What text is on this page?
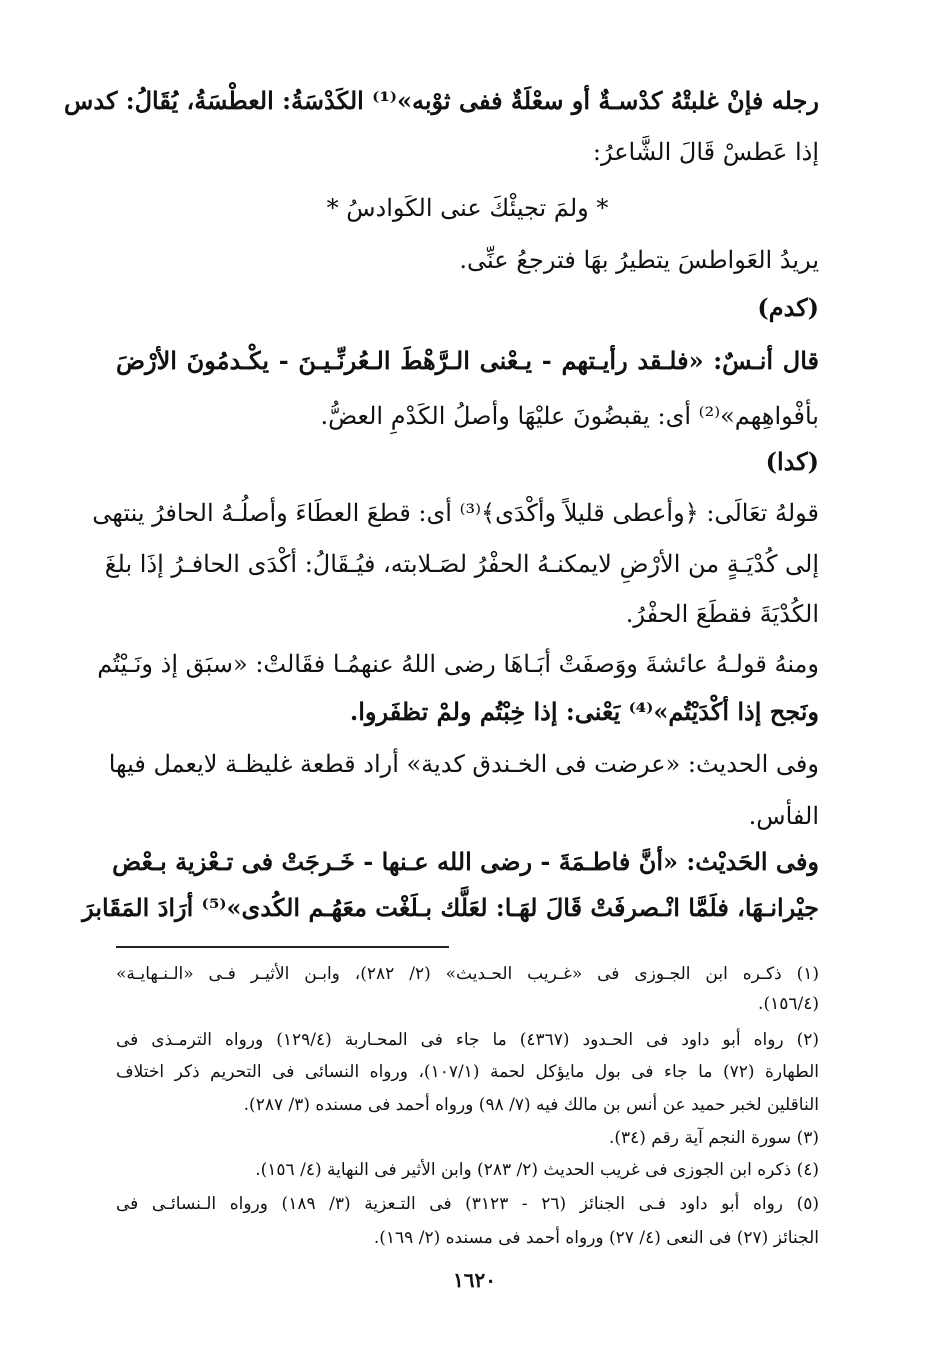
رجله فإنْ غلبتْهُ كدْسـةٌ أو سعْلَةٌ ففى ثوْبه»⁽¹⁾ الكَدْسَةُ: العطْسَةُ، يُقَالُ: كدس
إذا عَطسْ قَالَ الشَّاعرُ:
* ولمَ تجيئْكَ عنى الكَوادسُ *
يريدُ العَواطسَ يتطيرُ بهَا فترجعُ عنِّى.
(كدم)
قال أنـسٌ: «فلـقد رأيـتهم - يـعْنى الـرَّهْطَ الـعُرنِّـيـنَ - يكْـدمُونَ الأرْضَ
بأفْواهِهم»⁽²⁾ أى: يقبضُونَ عليْهَا وأصلُ الكَدْمِ العضُّ.
(كدا)
قولهُ تعَالَى: ﴿وأعطى قليلاً وأكْدَى﴾⁽³⁾ أى: قطعَ العطَاءَ وأصلُـهُ الحافرُ ينتهى
إلى كُدْيَـةٍ من الأرْضِ لايمكنـهُ الحفْرُ لصَـلابته، فيُـقَالُ: أكْدَى الحافـرُ إذَا بلغَ
الكُدْيَةَ فقطَعَ الحفْرُ.
ومنهُ قولـهُ عائشةَ ووَصفَتْ أبَـاهَا رضى اللهُ عنهمُـا فقَالتْ: «سبَق إذ ونَـيْتُم
ونَجح إذا أكْدَيْتُم»⁽⁴⁾ يَعْنى: إذا خِبْتُم ولمْ تظفَروا.
وفى الحديث: «عرضت فى الخـندق كدية» أراد قطعة غليظـة لايعمل فيها
الفأس.
وفى الحَديْث: «أنَّ فاطـمَةَ - رضى الله عـنها - خَـرجَتْ فى تـعْزية بـعْض
جيْرانـهَا، فلَمَّا انْـصرفَتْ قَالَ لهَـا: لعَلَّك بـلَغْت معَهُـم الكُدى»⁽⁵⁾ أرَادَ المَقَابرَ
(١) ذكـره ابن الجـوزى فى «غـريب الحـديث» (٢/ ٢٨٢)، وابـن الأثيـر فـى «الـنـهايـة»
(١٥٦/٤).
(٢) رواه أبو داود فى الحـدود (٤٣٦٧) ما جاء فى المحـاربة (١٢٩/٤) ورواه الترمـذى فى
الطهارة (٧٢) ما جاء فى بول مايؤكل لحمة (١٠٧/١)، ورواه النسائى فى التحريم ذكر اختلاف
الناقلين لخبر حميد عن أنس بن مالك فيه (٧/ ٩٨) ورواه أحمد فى مسنده (٣/ ٢٨٧).
(٣) سورة النجم آية رقم (٣٤).
(٤) ذكره ابن الجوزى فى غريب الحديث (٢/ ٢٨٣) وابن الأثير فى النهاية (٤/ ١٥٦).
(٥) رواه أبو داود فـى الجنائز (٢٦ - ٣١٢٣) فى التـعزية (٣/ ١٨٩) ورواه الـنسائـى فى
الجنائز (٢٧) فى النعى (٤/ ٢٧) ورواه أحمد فى مسنده (٢/ ١٦٩).
١٦٢٠
